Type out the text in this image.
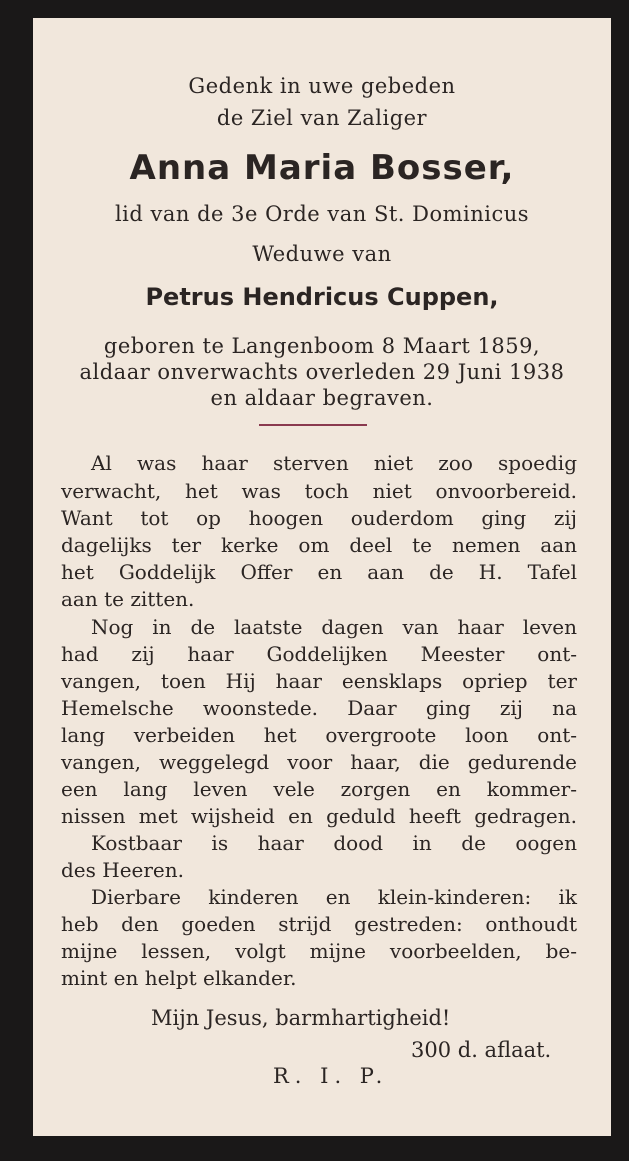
Gedenk in uwe gebeden
de Ziel van Zaliger
Anna Maria Bosser,
lid van de 3e Orde van St. Dominicus
Weduwe van
Petrus Hendricus Cuppen,
geboren te Langenboom 8 Maart 1859,
aldaar onverwachts overleden 29 Juni 1938
en aldaar begraven.
Al was haar sterven niet zoo spoedig
verwacht, het was toch niet onvoorbereid.
Want tot op hoogen ouderdom ging zij
dagelijks ter kerke om deel te nemen aan
het Goddelijk Offer en aan de H. Tafel
aan te zitten.
Nog in de laatste dagen van haar leven
had zij haar Goddelijken Meester ont-
vangen, toen Hij haar eensklaps opriep ter
Hemelsche woonstede. Daar ging zij na
lang verbeiden het overgroote loon ont-
vangen, weggelegd voor haar, die gedurende
een lang leven vele zorgen en kommer-
nissen met wijsheid en geduld heeft gedragen.
Kostbaar is haar dood in de oogen
des Heeren.
Dierbare kinderen en klein-kinderen: ik
heb den goeden strijd gestreden: onthoudt
mijne lessen, volgt mijne voorbeelden, be-
mint en helpt elkander.
Mijn Jesus, barmhartigheid!
300 d. aflaat.
R. I. P.
